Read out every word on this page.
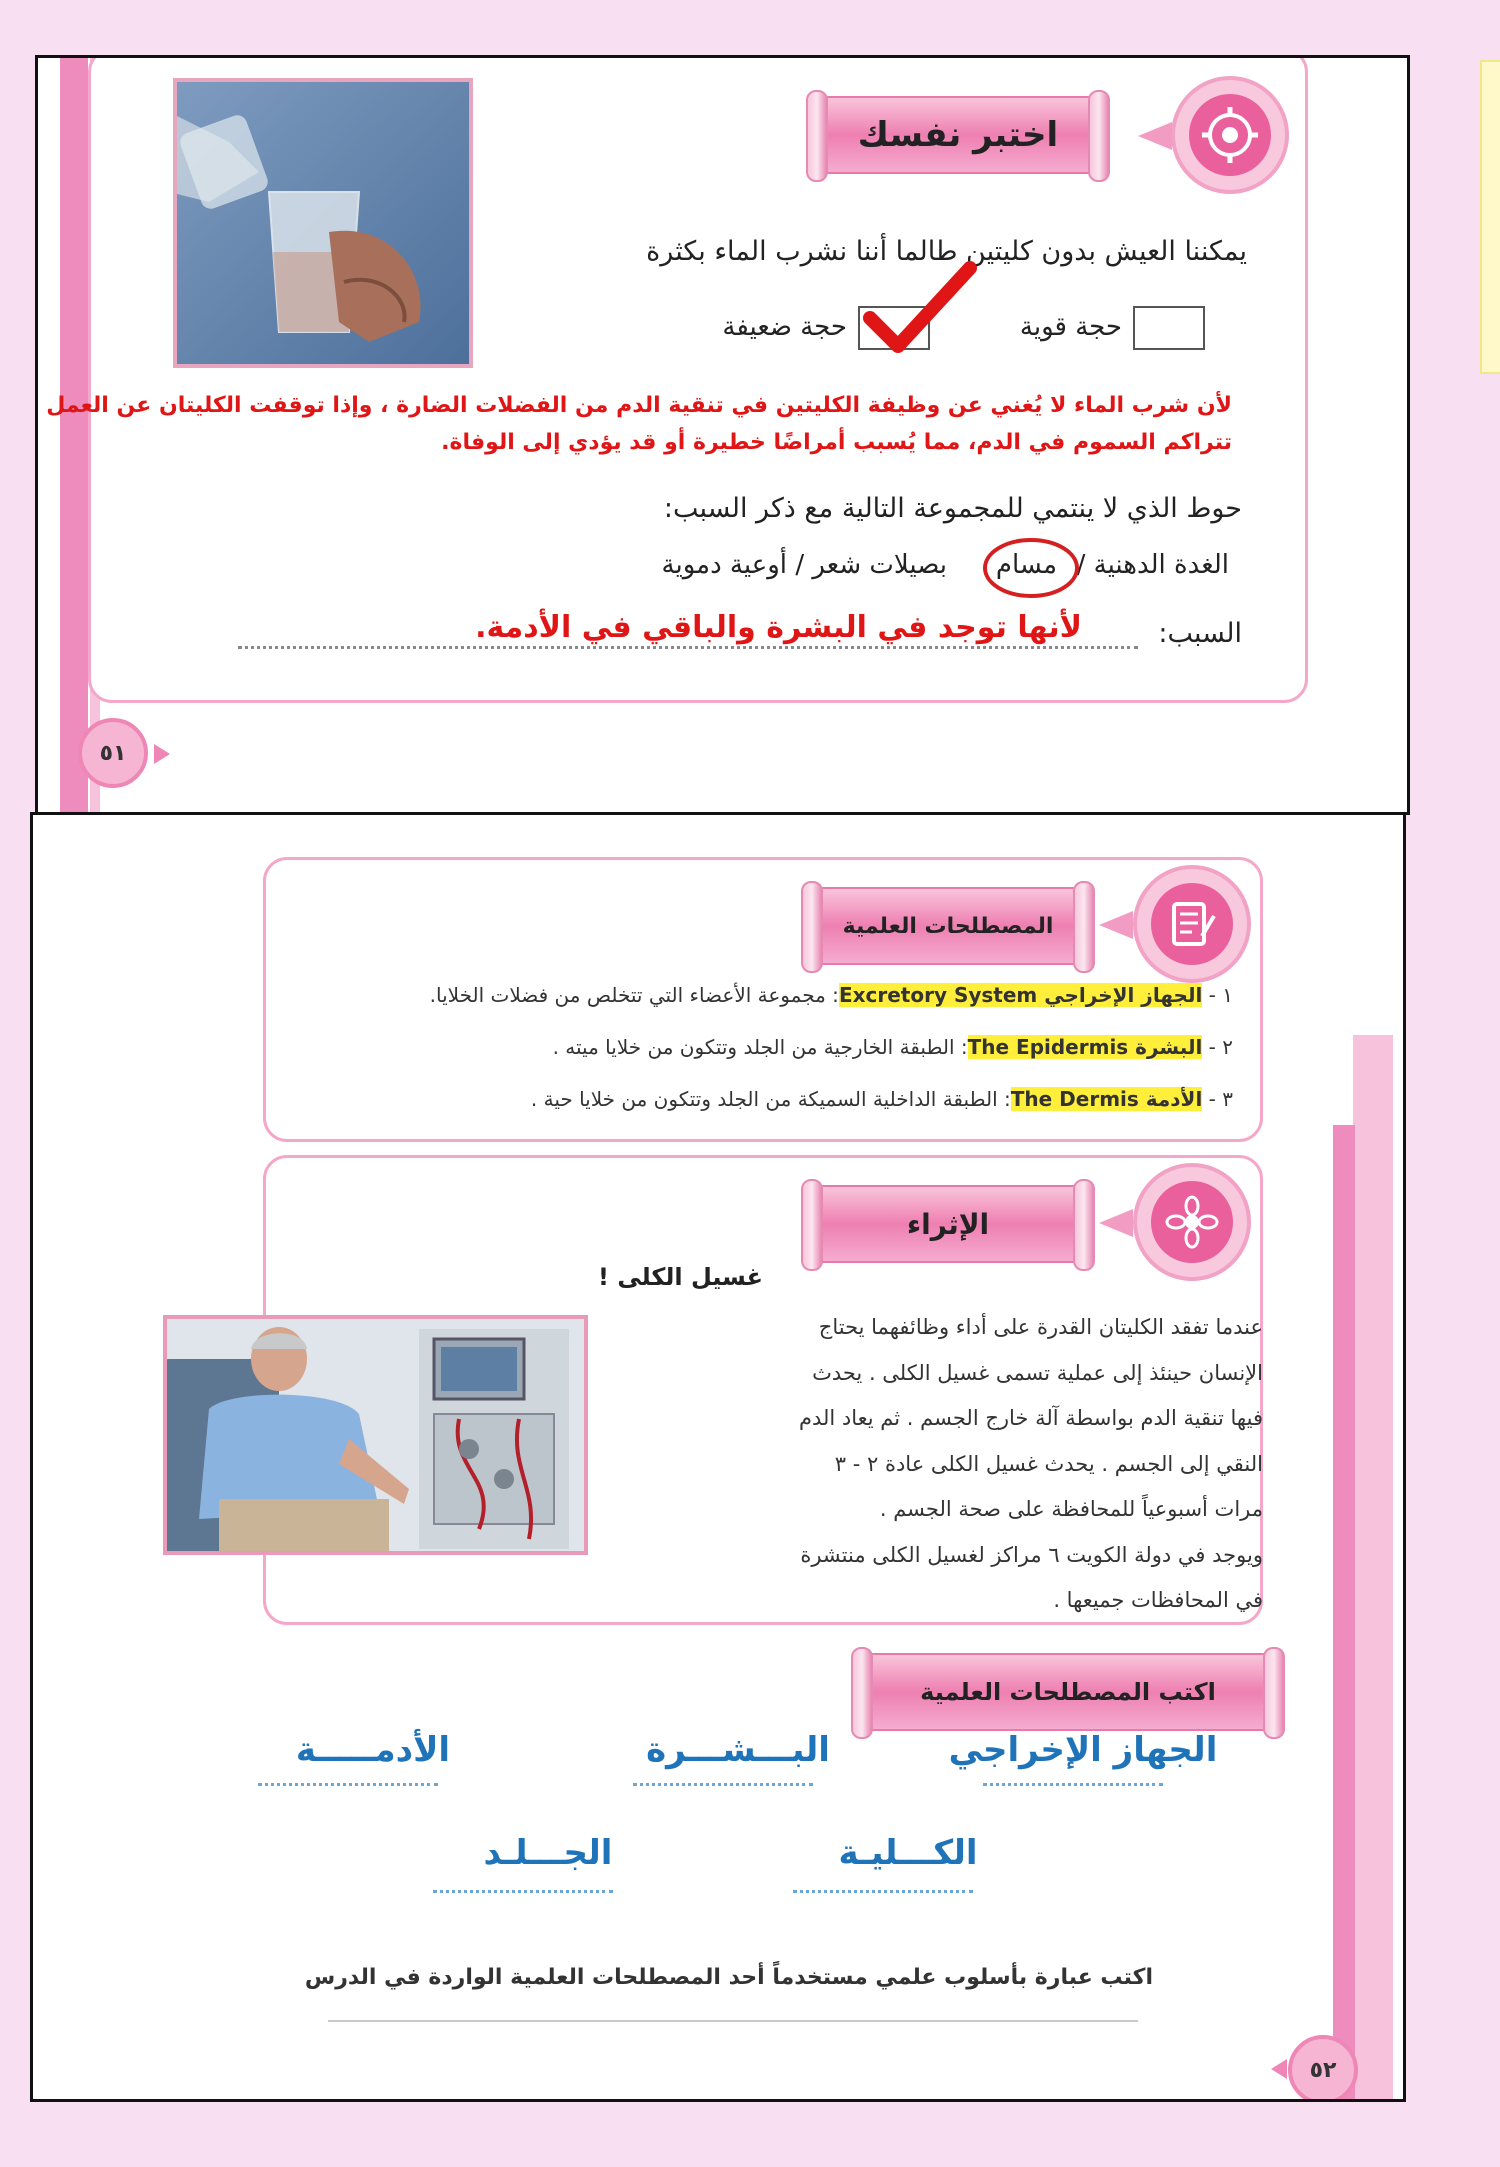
اختبر نفسك
يمكننا العيش بدون كليتين طالما أننا نشرب الماء بكثرة
حجة قوية
حجة ضعيفة
لأن شرب الماء لا يُغني عن وظيفة الكليتين في تنقية الدم من الفضلات الضارة ، وإذا توقفت الكليتان عن العمل
تتراكم السموم في الدم، مما يُسبب أمراضًا خطيرة أو قد يؤدي إلى الوفاة.
حوط الذي لا ينتمي للمجموعة التالية مع ذكر السبب:
الغدة الدهنية /
مسام
بصيلات شعر /
أوعية دموية
السبب:
لأنها توجد في البشرة والباقي في الأدمة.
٥١
المصطلحات العلمية
١ - الجهاز الإخراجي Excretory System: مجموعة الأعضاء التي تتخلص من فضلات الخلايا.
٢ - البشرة The Epidermis: الطبقة الخارجية من الجلد وتتكون من خلايا ميته .
٣ - الأدمة The Dermis: الطبقة الداخلية السميكة من الجلد وتتكون من خلايا حية .
الإثراء
غسيل الكلى !
عندما تفقد الكليتان القدرة على أداء وظائفهما يحتاج
الإنسان حينئذ إلى عملية تسمى غسيل الكلى . يحدث
فيها تنقية الدم بواسطة آلة خارج الجسم . ثم يعاد الدم
النقي إلى الجسم . يحدث غسيل الكلى عادة ٢ - ٣
مرات أسبوعياً للمحافظة على صحة الجسم .
ويوجد في دولة الكويت ٦ مراكز لغسيل الكلى منتشرة
في المحافظات جميعها .
اكتب المصطلحات العلمية
الجهاز الإخراجي
البـــشـــرة
الأدمـــــة
الكـــليـة
الجـــلـد
اكتب عبارة بأسلوب علمي مستخدماً أحد المصطلحات العلمية الواردة في الدرس
٥٢
